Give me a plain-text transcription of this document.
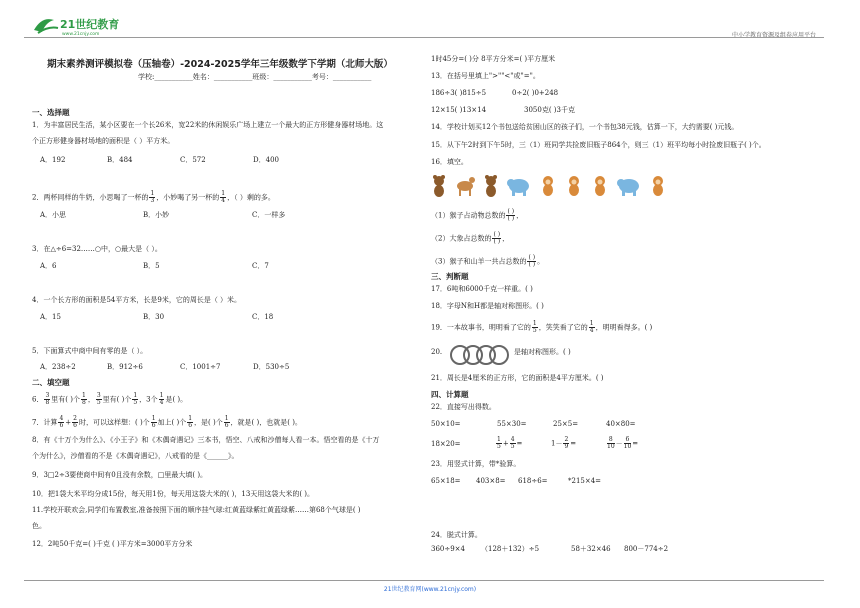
21世纪教育
www.21cnjy.com	中小学教育资源及组卷应用平台
期末素养测评模拟卷（压轴卷）-2024-2025学年三年级数学下学期（北师大版）
学校:___________姓名：___________班级：___________考号：___________
一、选择题
1．为丰富居民生活，某小区要在一个长26米，宽22米的休闲娱乐广场上建立一个最大的正方形健身器材场地。这
个正方形健身器材场地的面积是（ ）平方米。
A．192	B．484	C．572	D．400
2．两杯同样的牛奶，小思喝了一杯的 $\frac{1}{3}$ ，小妙喝了另一杯的 $\frac{1}{4}$ ，（ ）剩的多。
A．小思	B．小妙	C．一样多
3．在△÷6=32……○中，○最大是（ ）。
A．6	B．5	C．7
4．一个长方形的面积是54平方米，长是9米，它的周长是（ ）米。
A．15	B．30	C．18
5．下面算式中商中间有零的是（ ）。
A．238÷2	B．912÷6	C．1001÷7	D．530÷5
二、填空题
6． $\frac{3}{8}$ 里有( )个 $\frac{1}{8}$ ， $\frac{3}{5}$ 里有( )个 $\frac{1}{5}$ ，3个 $\frac{1}{4}$ 是( )。
7．计算 $\frac{4}{6} + \frac{2}{6}$ 时，可以这样想：( )个 $\frac{1}{6}$ 加上( )个 $\frac{1}{6}$ ，是( )个 $\frac{1}{6}$ ，就是( )，也就是( )。
8．有《十万个为什么》、《小王子》和《木偶奇遇记》三本书，悟空、八戒和沙僧每人看一本。悟空看的是《十万
个为什么》，沙僧看的不是《木偶奇遇记》，八戒看的是《______》。
9．3□2÷3要使商中间有0且没有余数，□里最大填( )。
10．把1袋大米平均分成15份，每天用1份，每天用这袋大米的( )，13天用这袋大米的( )。
11.学校开联欢会,同学们布置教室,准备按照下面的顺序挂气球:红黄蓝绿紫红黄蓝绿紫……第68个气球是( )
色。
12．2吨50千克=( )千克 ( )平方米=3000平方分米
1时45分=( )分 8平方分米=( )平方厘米
13．在括号里填上">""<"或"="。
186÷3( )815÷5	0÷2( )0+248
12×15( )13×14	3050克( )3千克
14．学校计划买12个书包送给贫困山区的孩子们，一个书包38元钱，估算一下，大约需要( )元钱。
15．从下午2时到下午5时，三（1）班同学共捡废旧瓶子864个，则三（1）班平均每小时捡废旧瓶子( )个。
16．填空。
（1）猴子占动物总数的 $\frac{( )}{( )}$ ，
（2）大象占总数的 $\frac{( )}{( )}$ ，
（3）猴子和山羊一共占总数的 $\frac{( )}{( )}$ 。
三、判断题
17．6吨和6000千克一样重。( )
18．字母N和H都是轴对称图形。( )
19．一本故事书，明明看了它的 $\frac{1}{5}$ ，笑笑看了它的 $\frac{1}{4}$ ，明明看得多。( )
20.	是轴对称图形。( )
21．周长是4厘米的正方形，它的面积是4平方厘米。( )
四、计算题
22．直接写出得数。
50×10=	55×30=	25×5=	40×80=
18×20=	$\frac{1}{5} + \frac{4}{5}$ =	$1- \frac{2}{9}$ =	$\frac{8}{10} - \frac{6}{10}$ =
23．用竖式计算，带*验算。
65×18= 403×8= 618÷6=	*215×4=
24．脱式计算。
360÷9×4 （128＋132）÷5	58＋32×46 800－774÷2
21世纪教育网(www.21cnjy.com)
